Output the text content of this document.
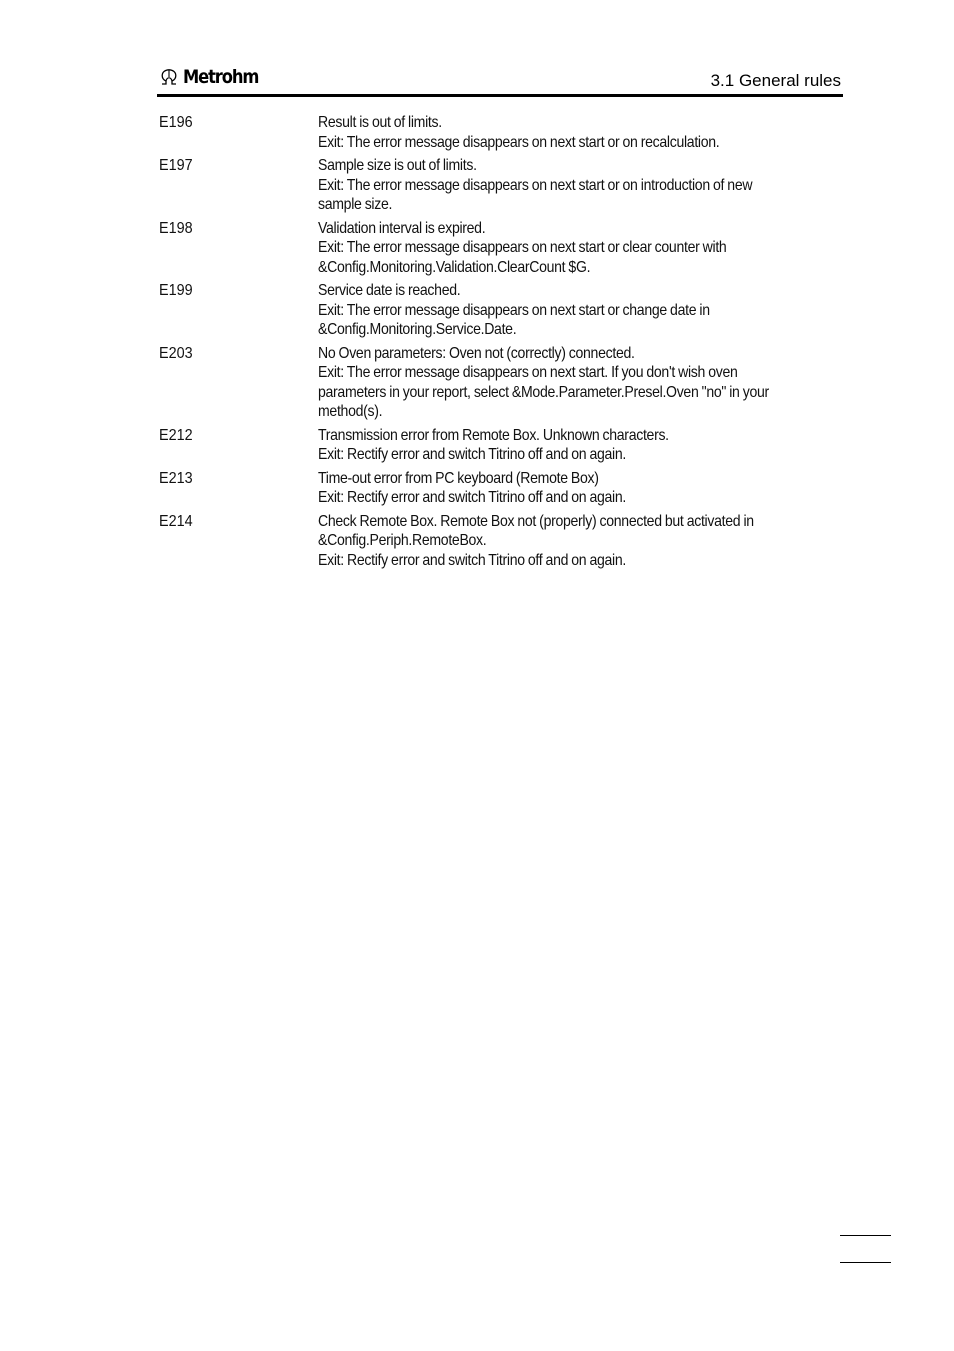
Metrohm	3.1 General rules
E196	Result is out of limits.
Exit: The error message disappears on next start or on recalculation.
E197	Sample size is out of limits.
Exit: The error message disappears on next start or on introduction of new
sample size.
E198	Validation interval is expired.
Exit: The error message disappears on next start or clear counter with
&Config.Monitoring.Validation.ClearCount $G.
E199	Service date is reached.
Exit: The error message disappears on next start or change date in
&Config.Monitoring.Service.Date.
E203	No Oven parameters: Oven not (correctly) connected.
Exit: The error message disappears on next start. If you don't wish oven
parameters in your report, select &Mode.Parameter.Presel.Oven "no" in your
method(s).
E212	Transmission error from Remote Box. Unknown characters.
Exit: Rectify error and switch Titrino off and on again.
E213	Time-out error from PC keyboard (Remote Box)
Exit: Rectify error and switch Titrino off and on again.
E214	Check Remote Box. Remote Box not (properly) connected but activated in
&Config.Periph.RemoteBox.
Exit: Rectify error and switch Titrino off and on again.
